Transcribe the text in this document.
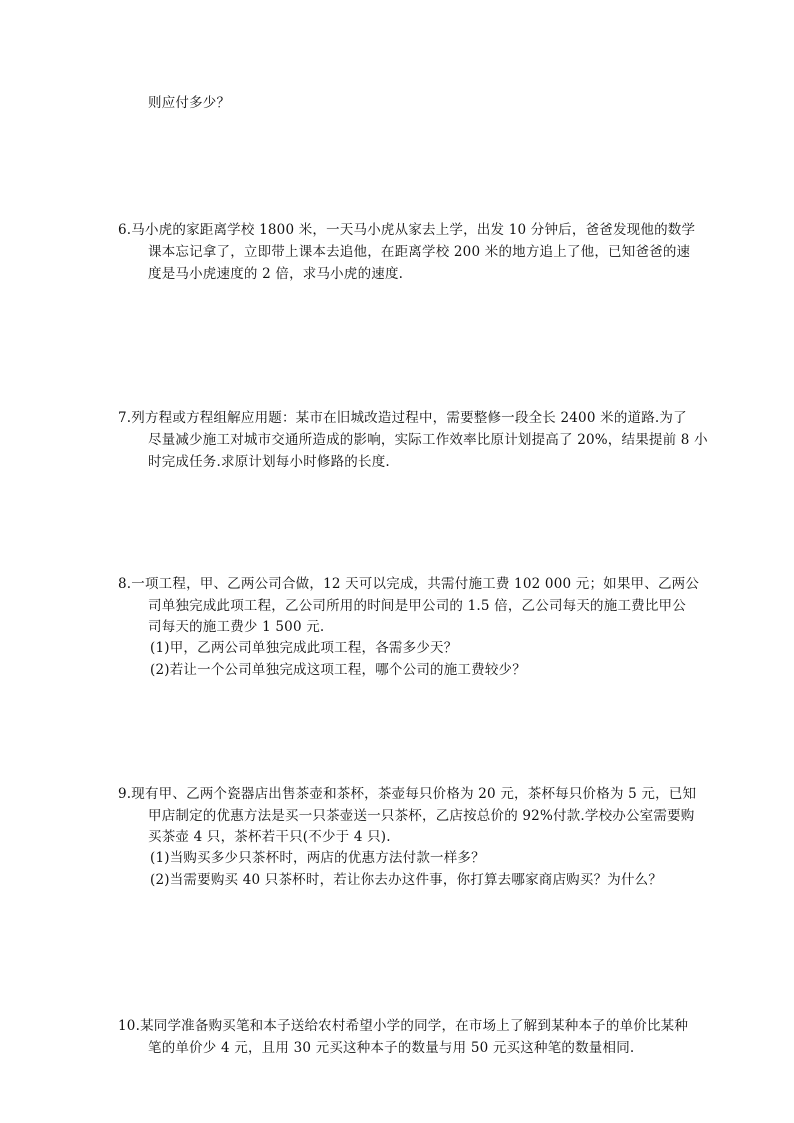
则应付多少？
6.马小虎的家距离学校 1800 米，一天马小虎从家去上学，出发 10 分钟后，爸爸发现他的数学
课本忘记拿了，立即带上课本去追他，在距离学校 200 米的地方追上了他，已知爸爸的速
度是马小虎速度的 2 倍，求马小虎的速度.
7.列方程或方程组解应用题：某市在旧城改造过程中，需要整修一段全长 2400 米的道路.为了
尽量减少施工对城市交通所造成的影响，实际工作效率比原计划提高了 20%，结果提前 8 小
时完成任务.求原计划每小时修路的长度.
8.一项工程，甲、乙两公司合做，12 天可以完成，共需付施工费 102 000 元；如果甲、乙两公
司单独完成此项工程，乙公司所用的时间是甲公司的 1.5 倍，乙公司每天的施工费比甲公
司每天的施工费少 1 500 元.
(1)甲，乙两公司单独完成此项工程，各需多少天？
(2)若让一个公司单独完成这项工程，哪个公司的施工费较少？
9.现有甲、乙两个瓷器店出售茶壶和茶杯，茶壶每只价格为 20 元，茶杯每只价格为 5 元，已知
甲店制定的优惠方法是买一只茶壶送一只茶杯，乙店按总价的 92%付款.学校办公室需要购
买茶壶 4 只，茶杯若干只(不少于 4 只).
(1)当购买多少只茶杯时，两店的优惠方法付款一样多？
(2)当需要购买 40 只茶杯时，若让你去办这件事，你打算去哪家商店购买？为什么？
10.某同学准备购买笔和本子送给农村希望小学的同学，在市场上了解到某种本子的单价比某种
笔的单价少 4 元，且用 30 元买这种本子的数量与用 50 元买这种笔的数量相同.
